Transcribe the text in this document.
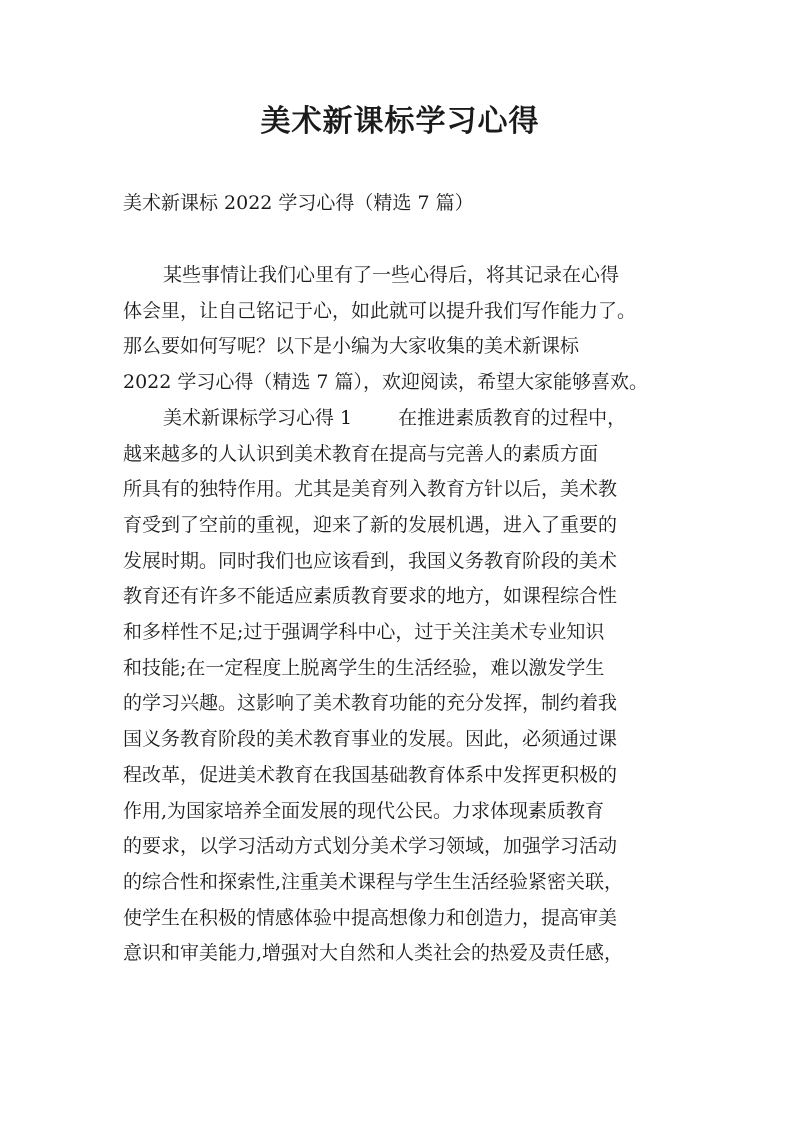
美术新课标学习心得

美术新课标 2022 学习心得（精选 7 篇）

某些事情让我们心里有了一些心得后，将其记录在心得
体会里，让自己铭记于心，如此就可以提升我们写作能力了。
那么要如何写呢？以下是小编为大家收集的美术新课标
2022 学习心得（精选 7 篇），欢迎阅读，希望大家能够喜欢。
美术新课标学习心得 1 在推进素质教育的过程中，
越来越多的人认识到美术教育在提高与完善人的素质方面
所具有的独特作用。尤其是美育列入教育方针以后，美术教
育受到了空前的重视，迎来了新的发展机遇，进入了重要的
发展时期。同时我们也应该看到，我国义务教育阶段的美术
教育还有许多不能适应素质教育要求的地方，如课程综合性
和多样性不足;过于强调学科中心，过于关注美术专业知识
和技能;在一定程度上脱离学生的生活经验，难以激发学生
的学习兴趣。这影响了美术教育功能的充分发挥，制约着我
国义务教育阶段的美术教育事业的发展。因此，必须通过课
程改革，促进美术教育在我国基础教育体系中发挥更积极的
作用,为国家培养全面发展的现代公民。力求体现素质教育
的要求，以学习活动方式划分美术学习领域，加强学习活动
的综合性和探索性,注重美术课程与学生生活经验紧密关联，
使学生在积极的情感体验中提高想像力和创造力，提高审美
意识和审美能力,增强对大自然和人类社会的热爱及责任感，
